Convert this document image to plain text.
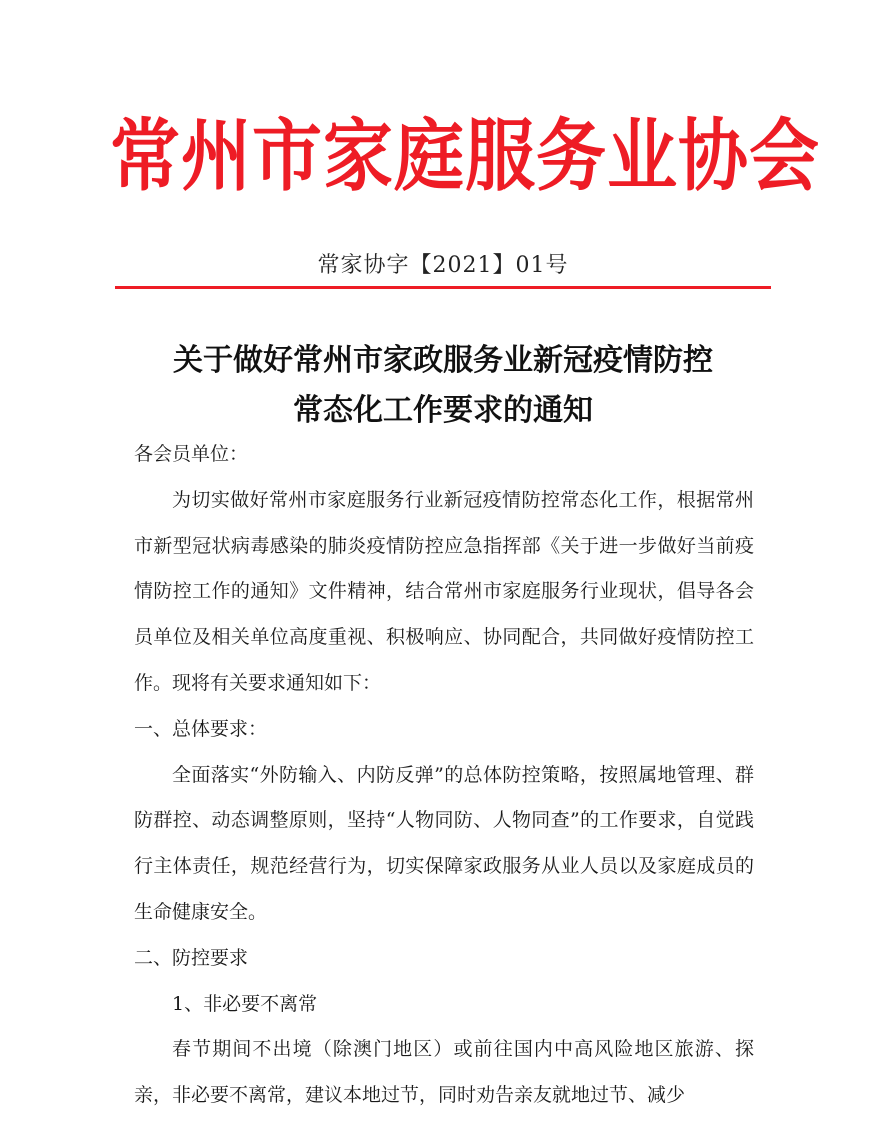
常州市家庭服务业协会
常家协字【2021】01号
关于做好常州市家政服务业新冠疫情防控
常态化工作要求的通知

各会员单位：

为切实做好常州市家庭服务行业新冠疫情防控常态化工作，根据常州市新型冠状病毒感染的肺炎疫情防控应急指挥部《关于进一步做好当前疫情防控工作的通知》文件精神，结合常州市家庭服务行业现状，倡导各会员单位及相关单位高度重视、积极响应、协同配合，共同做好疫情防控工作。现将有关要求通知如下：

一、总体要求：

全面落实“外防输入、内防反弹”的总体防控策略，按照属地管理、群防群控、动态调整原则，坚持“人物同防、人物同查”的工作要求，自觉践行主体责任，规范经营行为，切实保障家政服务从业人员以及家庭成员的生命健康安全。

二、防控要求

1、非必要不离常

春节期间不出境（除澳门地区）或前往国内中高风险地区旅游、探亲，非必要不离常，建议本地过节，同时劝告亲友就地过节、减少
